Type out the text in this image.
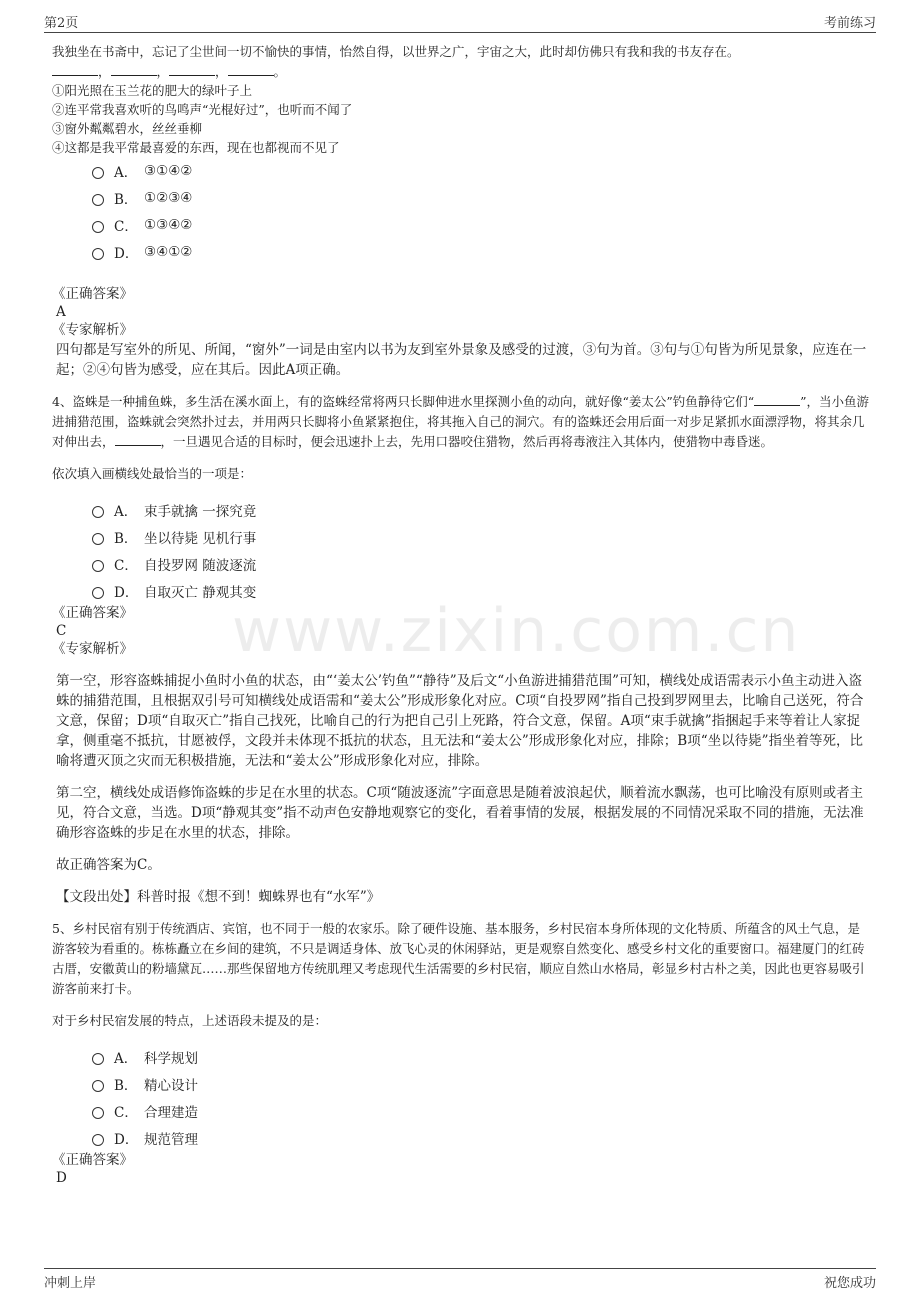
第2页	考前练习
www.zixin.com.cn

我独坐在书斋中，忘记了尘世间一切不愉快的事情，怡然自得，以世界之广，宇宙之大，此时却仿佛只有我和我的书友存在。

，	，	，	。

①阳光照在玉兰花的肥大的绿叶子上

②连平常我喜欢听的鸟鸣声“光棍好过”，也听而不闻了

③窗外粼粼碧水，丝丝垂柳

④这都是我平常最喜爱的东西，现在也都视而不见了

A． ③①④②
B． ①②③④
C． ①③④②
D． ③④①②

《正确答案》

A

《专家解析》

四句都是写室外的所见、所闻，“窗外”一词是由室内以书为友到室外景象及感受的过渡，③句为首。③句与①句皆为所见景象，应连在一起；②④句皆为感受，应在其后。因此A项正确。

4、盗蛛是一种捕鱼蛛，多生活在溪水面上，有的盗蛛经常将两只长脚伸进水里探测小鱼的动向，就好像“姜太公”钓鱼静待它们“	”，当小鱼游进捕猎范围，盗蛛就会突然扑过去，并用两只长脚将小鱼紧紧抱住，将其拖入自己的洞穴。有的盗蛛还会用后面一对步足紧抓水面漂浮物，将其余几对伸出去，	，一旦遇见合适的目标时，便会迅速扑上去，先用口器咬住猎物，然后再将毒液注入其体内，使猎物中毒昏迷。

依次填入画横线处最恰当的一项是：

A． 束手就擒 一探究竟
B． 坐以待毙 见机行事
C． 自投罗网 随波逐流
D． 自取灭亡 静观其变

《正确答案》

C

《专家解析》

第一空，形容盗蛛捕捉小鱼时小鱼的状态，由“‘姜太公’钓鱼”“静待”及后文“小鱼游进捕猎范围”可知，横线处成语需表示小鱼主动进入盗蛛的捕猎范围，且根据双引号可知横线处成语需和“姜太公”形成形象化对应。C项“自投罗网”指自己投到罗网里去，比喻自己送死，符合文意，保留；D项“自取灭亡”指自己找死，比喻自己的行为把自己引上死路，符合文意，保留。A项“束手就擒”指捆起手来等着让人家捉拿，侧重毫不抵抗，甘愿被俘，文段并未体现不抵抗的状态，且无法和“姜太公”形成形象化对应，排除；B项“坐以待毙”指坐着等死，比喻将遭灭顶之灾而无积极措施，无法和“姜太公”形成形象化对应，排除。

第二空，横线处成语修饰盗蛛的步足在水里的状态。C项“随波逐流”字面意思是随着波浪起伏，顺着流水飘荡，也可比喻没有原则或者主见，符合文意，当选。D项“静观其变”指不动声色安静地观察它的变化，看着事情的发展，根据发展的不同情况采取不同的措施，无法准确形容盗蛛的步足在水里的状态，排除。

故正确答案为C。

【文段出处】科普时报《想不到！蜘蛛界也有“水军”》

5、乡村民宿有别于传统酒店、宾馆，也不同于一般的农家乐。除了硬件设施、基本服务，乡村民宿本身所体现的文化特质、所蕴含的风土气息，是游客较为看重的。栋栋矗立在乡间的建筑，不只是调适身体、放飞心灵的休闲驿站，更是观察自然变化、感受乡村文化的重要窗口。福建厦门的红砖古厝，安徽黄山的粉墙黛瓦……那些保留地方传统肌理又考虑现代生活需要的乡村民宿，顺应自然山水格局，彰显乡村古朴之美，因此也更容易吸引游客前来打卡。

对于乡村民宿发展的特点，上述语段未提及的是：

A． 科学规划
B． 精心设计
C． 合理建造
D． 规范管理

《正确答案》

D

冲刺上岸	祝您成功
